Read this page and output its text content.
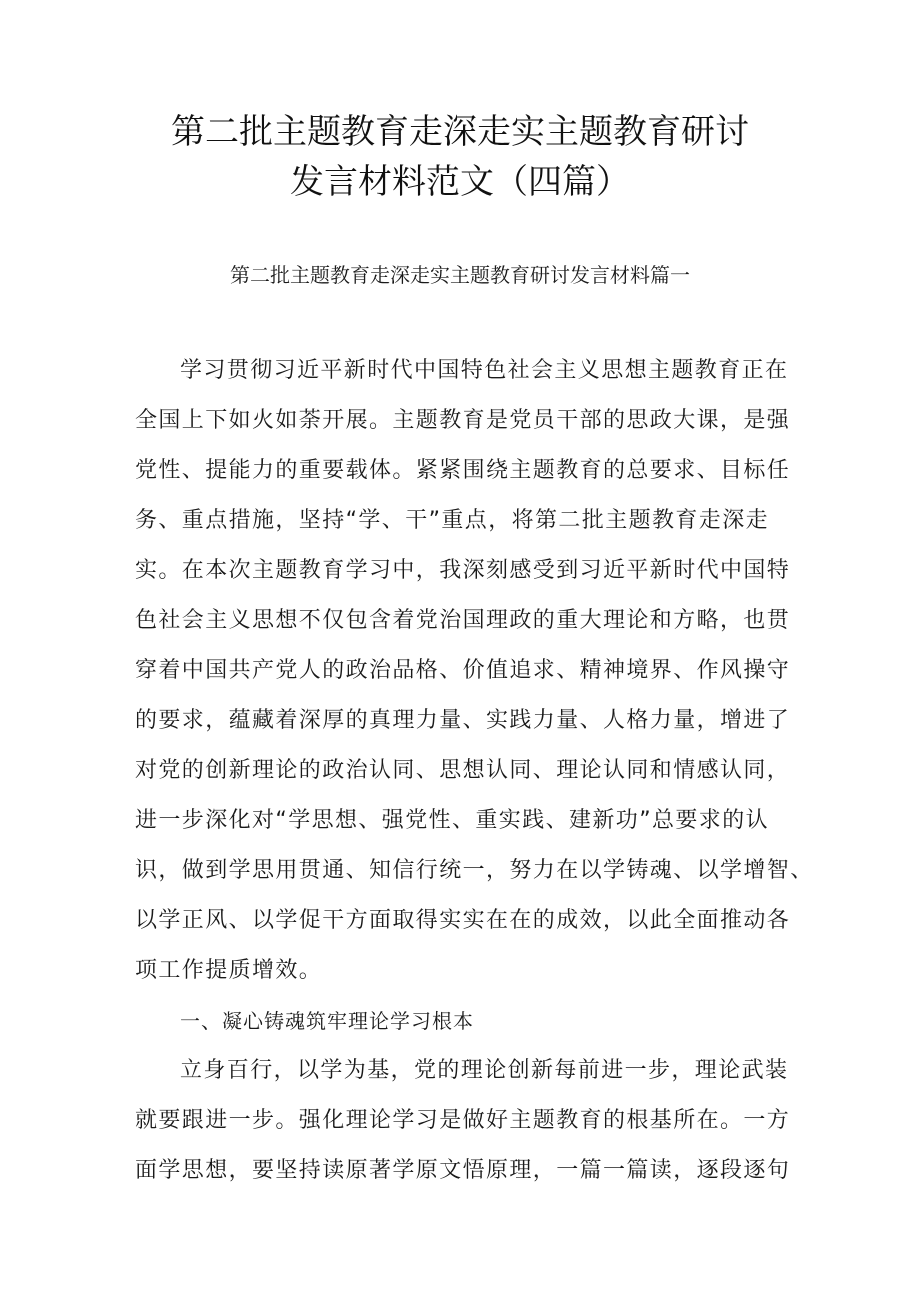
第二批主题教育走深走实主题教育研讨
发言材料范文（四篇）
第二批主题教育走深走实主题教育研讨发言材料篇一
学习贯彻习近平新时代中国特色社会主义思想主题教育正在
全国上下如火如荼开展。主题教育是党员干部的思政大课，是强
党性、提能力的重要载体。紧紧围绕主题教育的总要求、目标任
务、重点措施，坚持“学、干”重点，将第二批主题教育走深走
实。在本次主题教育学习中，我深刻感受到习近平新时代中国特
色社会主义思想不仅包含着党治国理政的重大理论和方略，也贯
穿着中国共产党人的政治品格、价值追求、精神境界、作风操守
的要求，蕴藏着深厚的真理力量、实践力量、人格力量，增进了
对党的创新理论的政治认同、思想认同、理论认同和情感认同，
进一步深化对“学思想、强党性、重实践、建新功”总要求的认
识，做到学思用贯通、知信行统一，努力在以学铸魂、以学增智、
以学正风、以学促干方面取得实实在在的成效，以此全面推动各
项工作提质增效。
一、凝心铸魂筑牢理论学习根本
立身百行，以学为基，党的理论创新每前进一步，理论武装
就要跟进一步。强化理论学习是做好主题教育的根基所在。一方
面学思想，要坚持读原著学原文悟原理，一篇一篇读，逐段逐句
